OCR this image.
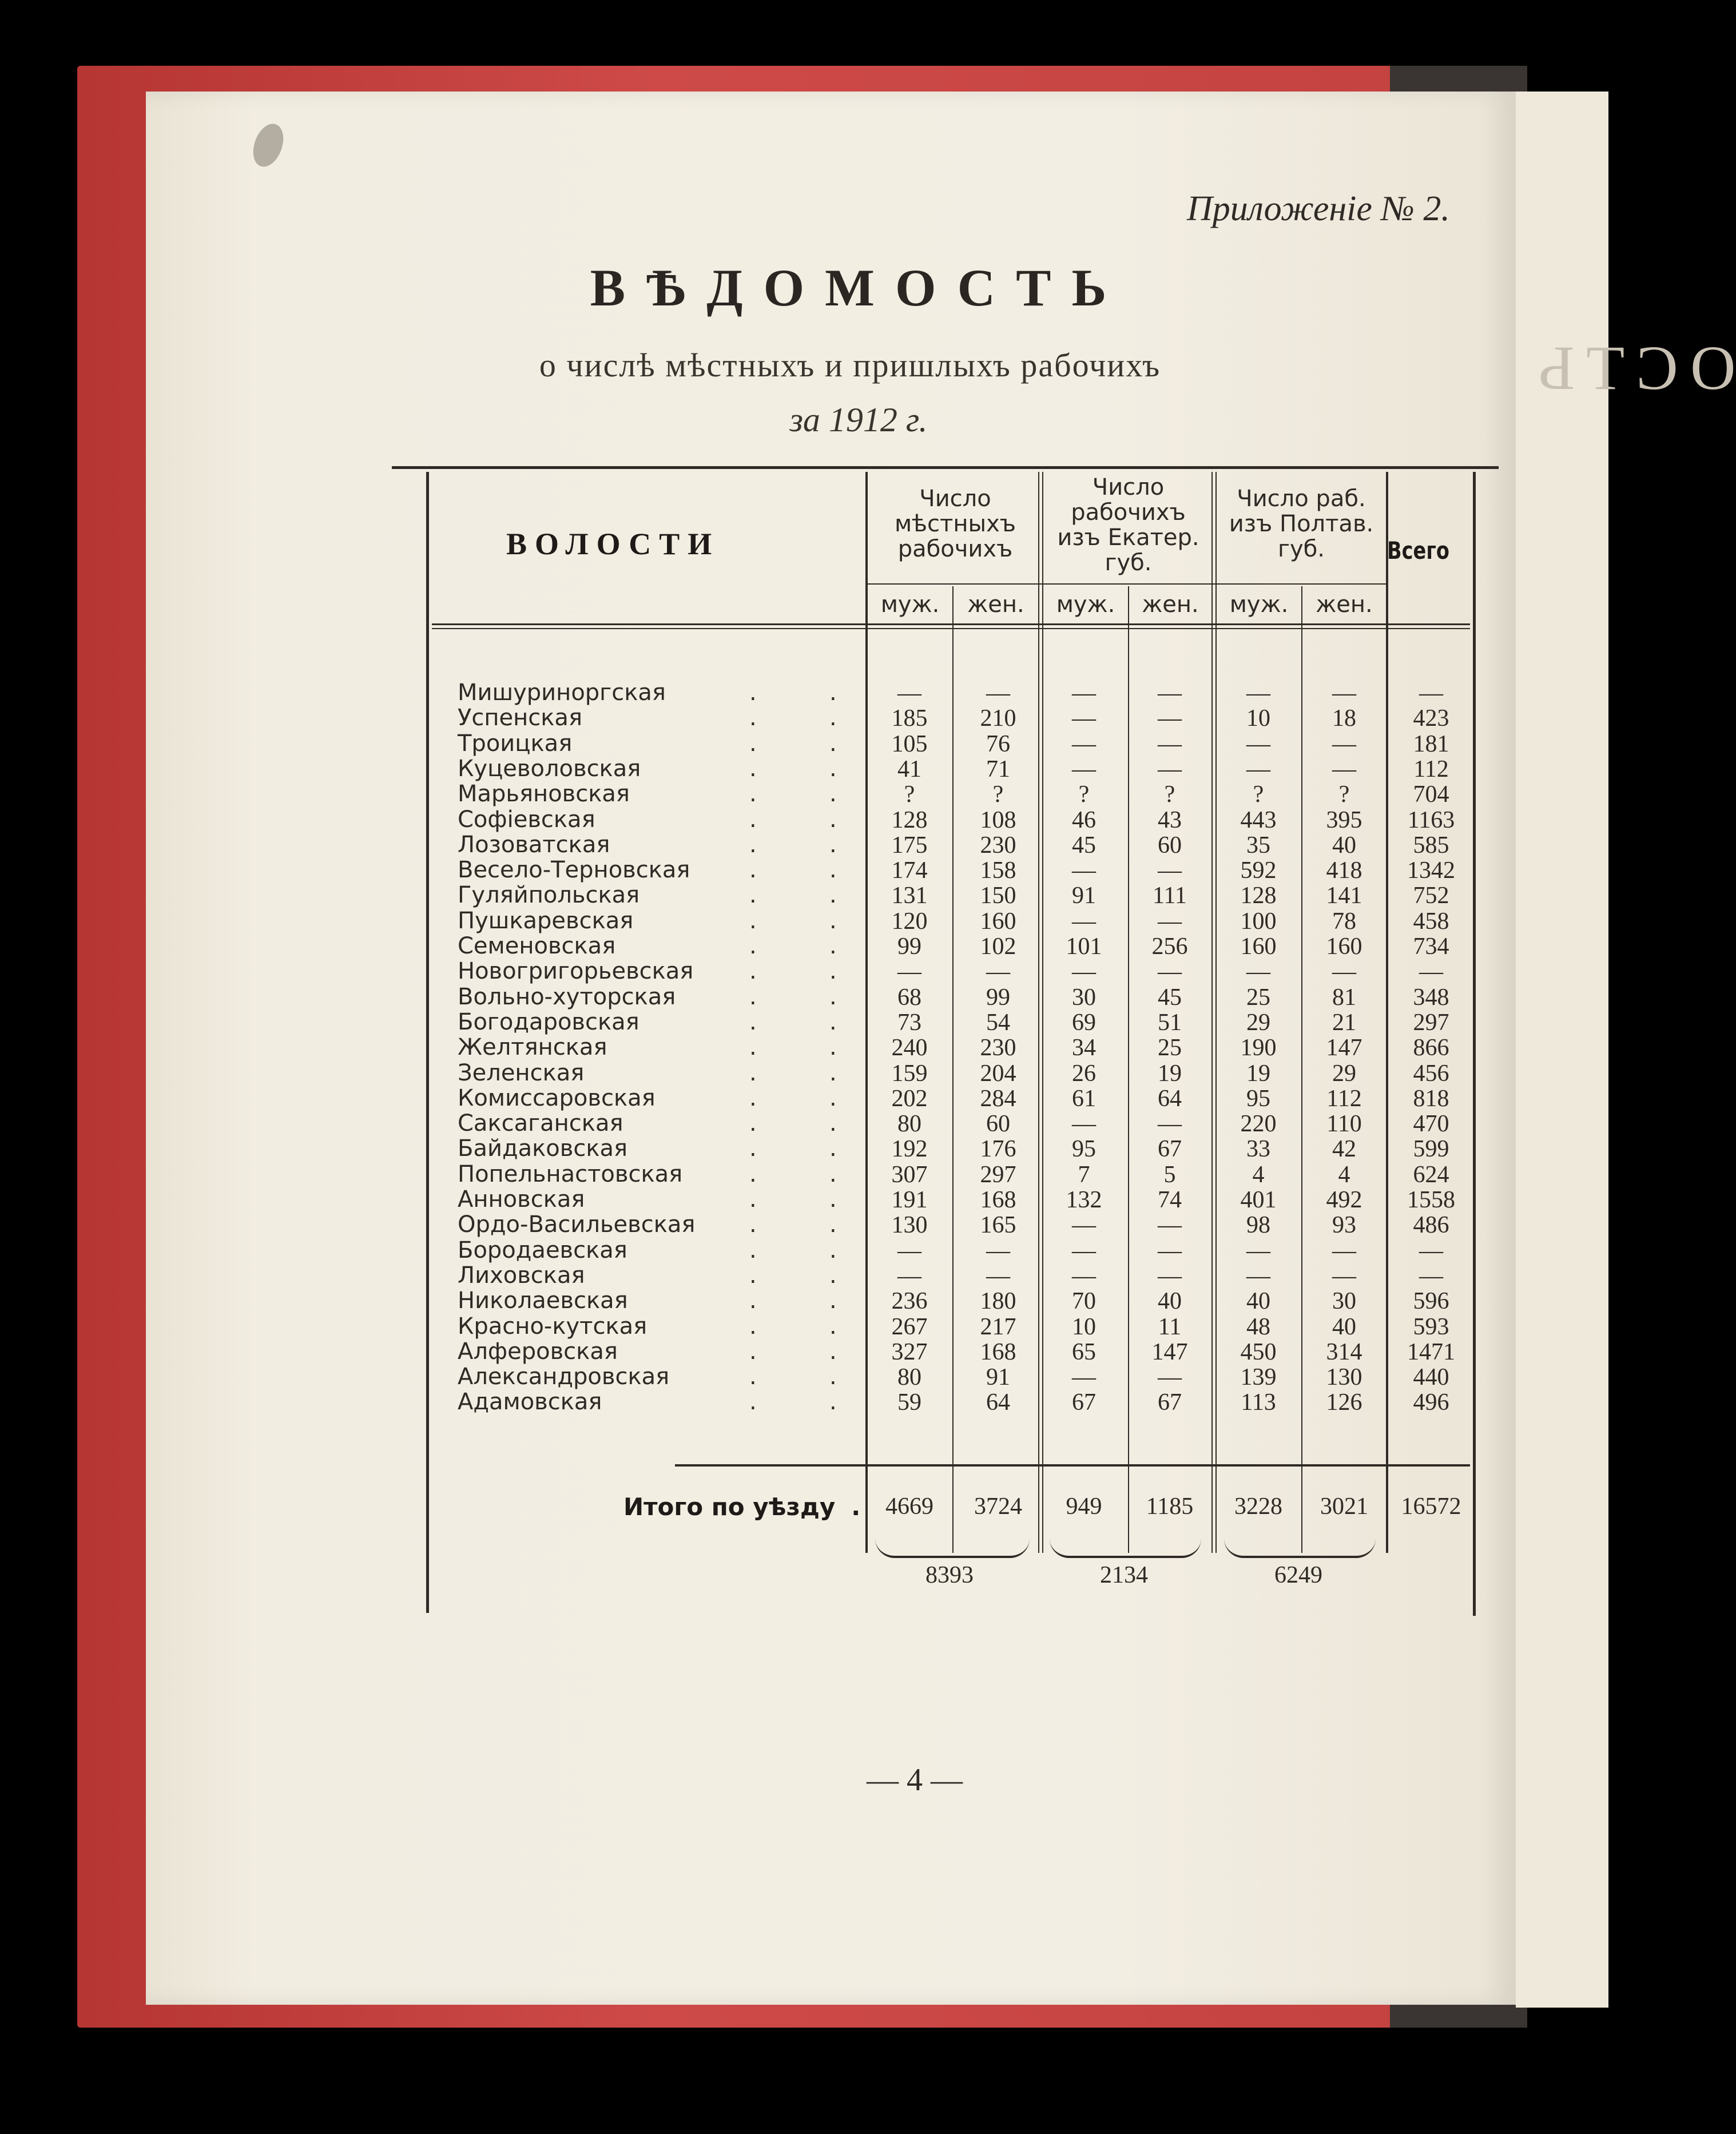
ОСТЬ
Приложеніе № 2.
ВѢДОМОСТЬ
о числѣ мѣстныхъ и пришлыхъ рабочихъ
за 1912 г.
ВОЛОСТИ
Число мѣстныхъ рабочихъ
Число рабочихъ изъ Екатер. губ.
Число раб. изъ Полтав. губ.	Всего
муж.	жен.	муж.	жен.	муж.	жен.
Мишуриноргская	.	.	—	—	—	—	—	—	—
Успенская	.	.	185	210	—	—	10	18	423
Троицкая	.	.	105	76	—	—	—	—	181
Куцеволовская	.	.	41	71	—	—	—	—	112
Марьяновская	.	.	?	?	?	?	?	?	704
Софіевская	.	.	128	108	46	43	443	395	1163
Лозоватская	.	.	175	230	45	60	35	40	585
Весело-Терновская	.	.	174	158	—	—	592	418	1342
Гуляйпольская	.	.	131	150	91	111	128	141	752
Пушкаревская	.	.	120	160	—	—	100	78	458
Семеновская	.	.	99	102	101	256	160	160	734
Новогригорьевская .	.	—	—	—	—	—	—	—
Вольно-хуторская	.	.	68	99	30	45	25	81	348
Богодаровская	.	.	73	54	69	51	29	21	297
Желтянская	.	.	240	230	34	25	190	147	866
Зеленская	.	.	159	204	26	19	19	29	456
Комиссаровская	.	.	202	284	61	64	95	112	818
Саксаганская	.	.	80	60	—	—	220	110	470
Байдаковская	.	.	192	176	95	67	33	42	599
Попельнастовская	.	.	307	297	7	5	4	4	624
Анновская	.	.	191	168	132	74	401	492	1558
Ордо-Васильевская .	.	130	165	—	—	98	93	486
Бородаевская	.	.	—	—	—	—	—	—	—
Лиховская	.	.	—	—	—	—	—	—	—
Николаевская	.	.	236	180	70	40	40	30	596
Красно-кутская	.	.	267	217	10	11	48	40	593
Алферовская	.	.	327	168	65	147	450	314	1471
Александровская	.	.	80	91	—	—	139	130	440
Адамовская	.	.	59	64	67	67	113	126	496
Итого по уѣзду .	4669	3724	949	1185	3228	3021	16572
8393	2134	6249
— 4 —
